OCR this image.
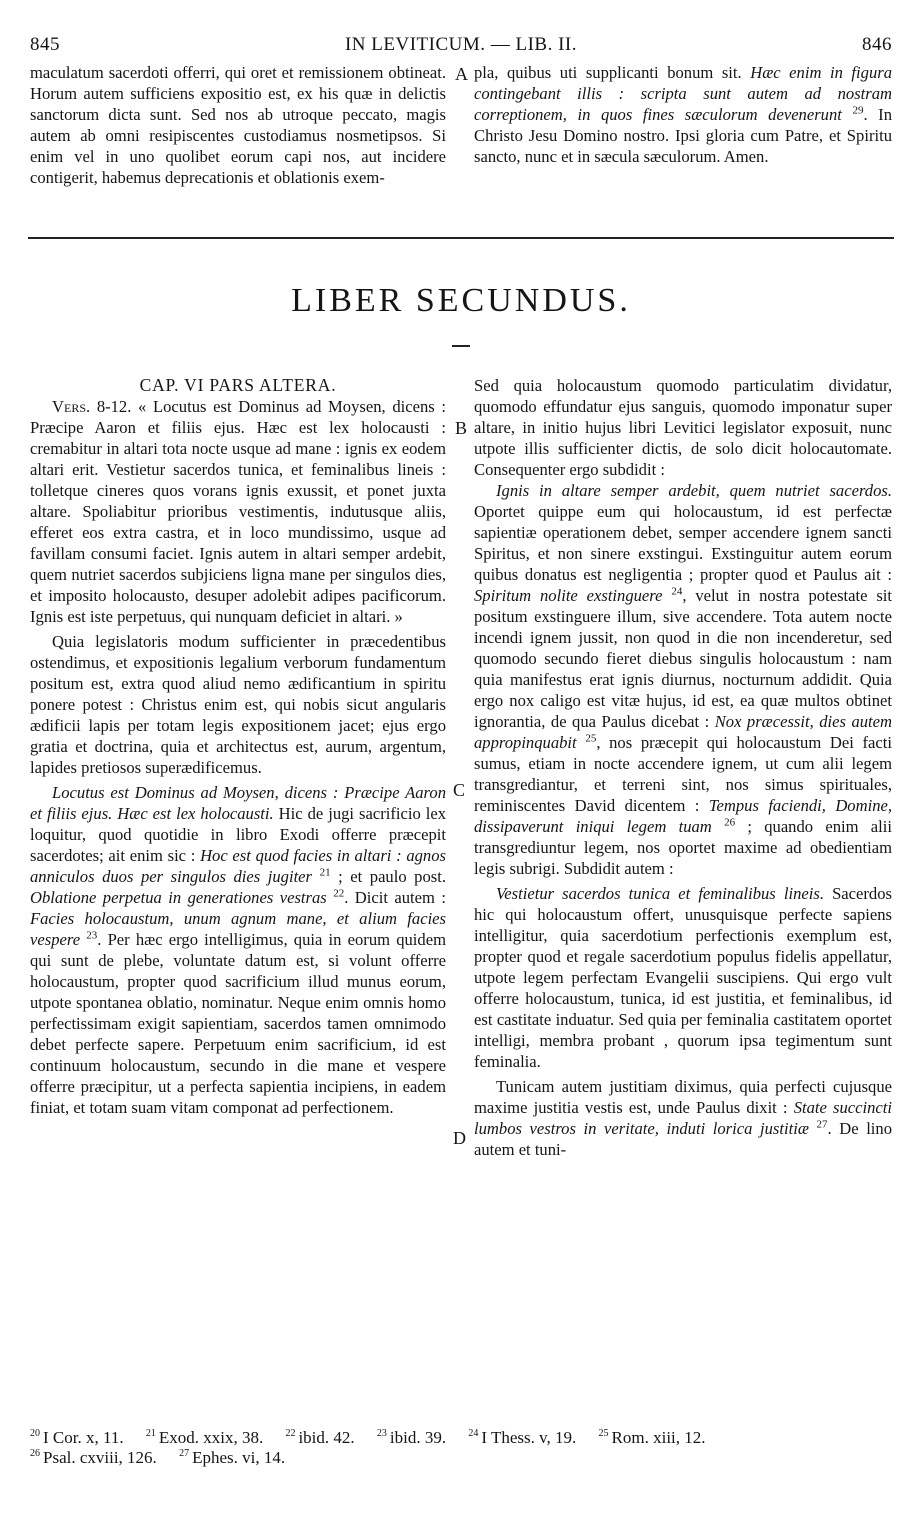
845	IN LEVITICUM. — LIB. II.	846

maculatum sacerdoti offerri, qui oret et remissionem obtineat. Horum autem sufficiens expositio est, ex his quæ in delictis sanctorum dicta sunt. Sed nos ab utroque peccato, magis autem ab omni resipiscentes custodiamus nosmetipsos. Si enim vel in uno quolibet eorum capi nos, aut incidere contigerit, habemus deprecationis et oblationis exem-

A pla, quibus uti supplicanti bonum sit. Hæc enim in figura contingebant illis : scripta sunt autem ad nostram correptionem, in quos fines sæculorum devenerunt $^{29}$. In Christo Jesu Domino nostro. Ipsi gloria cum Patre, et Spiritu sancto, nunc et in sæcula sæculorum. Amen.

LIBER SECUNDUS.

CAP. VI PARS ALTERA.

Vers. 8-12. « Locutus est Dominus ad Moysen, dicens : Præcipe Aaron et filiis ejus. Hæc est lex holocausti : cremabitur in altari tota nocte usque ad mane : ignis ex eodem altari erit. Vestietur sacerdos tunica, et feminalibus lineis : tolletque cineres quos vorans ignis exussit, et ponet juxta altare. Spoliabitur prioribus vestimentis, indutusque aliis, efferet eos extra castra, et in loco mundissimo, usque ad favillam consumi faciet. Ignis autem in altari semper ardebit, quem nutriet sacerdos subjiciens ligna mane per singulos dies, et imposito holocausto, desuper adolebit adipes pacificorum. Ignis est iste perpetuus, qui nunquam deficiet in altari. »

Quia legislatoris modum sufficienter in præcedentibus ostendimus, et expositionis legalium verborum fundamentum positum est, extra quod aliud nemo ædificantium in spiritu ponere potest : Christus enim est, qui nobis sicut angularis ædificii lapis per totam legis expositionem jacet; ejus ergo gratia et doctrina, quia et architectus est, aurum, argentum, lapides pretiosos superædificemus.

Locutus est Dominus ad Moysen, dicens : Præcipe Aaron et filiis ejus. Hæc est lex holocausti. Hic de jugi sacrificio lex loquitur, quod quotidie in libro Exodi offerre præcepit sacerdotes; ait enim sic : Hoc est quod facies in altari : agnos anniculos duos per singulos dies jugiter $^{21}$ ; et paulo post. Oblatione perpetua in generationes vestras $^{22}$. Dicit autem : Facies holocaustum, unum agnum mane, et alium facies vespere $^{23}$. Per hæc ergo intelligimus, quia in eorum quidem qui sunt de plebe, voluntate datum est, si volunt offerre holocaustum, propter quod sacrificium illud munus eorum, utpote spontanea oblatio, nominatur. Neque enim omnis homo perfectissimam exigit sapientiam, sacerdos tamen omnimodo debet perfecte sapere. Perpetuum enim sacrificium, id est continuum holocaustum, secundo in die mane et vespere offerre præcipitur, ut a perfecta sapientia incipiens, in eadem finiat, et totam suam vitam componat ad perfectionem.

B
C
D

Sed quia holocaustum quomodo particulatim dividatur, quomodo effundatur ejus sanguis, quomodo imponatur super altare, in initio hujus libri Levitici legislator exposuit, nunc utpote illis sufficienter dictis, de solo dicit holocautomate. Consequenter ergo subdidit :

Ignis in altare semper ardebit, quem nutriet sacerdos. Oportet quippe eum qui holocaustum, id est perfectæ sapientiæ operationem debet, semper accendere ignem sancti Spiritus, et non sinere exstingui. Exstinguitur autem eorum quibus donatus est negligentia ; propter quod et Paulus ait : Spiritum nolite exstinguere $^{24}$, velut in nostra potestate sit positum exstinguere illum, sive accendere. Tota autem nocte incendi ignem jussit, non quod in die non incenderetur, sed quomodo secundo fieret diebus singulis holocaustum : nam quia manifestus erat ignis diurnus, nocturnum addidit. Quia ergo nox caligo est vitæ hujus, id est, ea quæ multos obtinet ignorantia, de qua Paulus dicebat : Nox præcessit, dies autem appropinquabit $^{25}$, nos præcepit qui holocaustum Dei facti sumus, etiam in nocte accendere ignem, ut cum alii legem transgrediantur, et terreni sint, nos simus spirituales, reminiscentes David dicentem : Tempus faciendi, Domine, dissipaverunt iniqui legem tuam $^{26}$ ; quando enim alii transgrediuntur legem, nos oportet maxime ad obedientiam legis subrigi. Subdidit autem :

Vestietur sacerdos tunica et feminalibus lineis. Sacerdos hic qui holocaustum offert, unusquisque perfecte sapiens intelligitur, quia sacerdotium perfectionis exemplum est, propter quod et regale sacerdotium populus fidelis appellatur, utpote legem perfectam Evangelii suscipiens. Qui ergo vult offerre holocaustum, tunica, id est justitia, et feminalibus, id est castitate induatur. Sed quia per feminalia castitatem oportet intelligi, membra probant , quorum ipsa tegimentum sunt feminalia.

Tunicam autem justitiam diximus, quia perfecti cujusque maxime justitia vestis est, unde Paulus dixit : State succincti lumbos vestros in veritate, induti lorica justitiæ $^{27}$. De lino autem et tuni-

$^{20}$ I Cor. x, 11. $^{21}$ Exod. xxix, 38. $^{22}$ ibid. 42. $^{23}$ ibid. 39. $^{24}$ I Thess. v, 19. $^{25}$ Rom. xiii, 12.
$^{26}$ Psal. cxviii, 126. $^{27}$ Ephes. vi, 14.
